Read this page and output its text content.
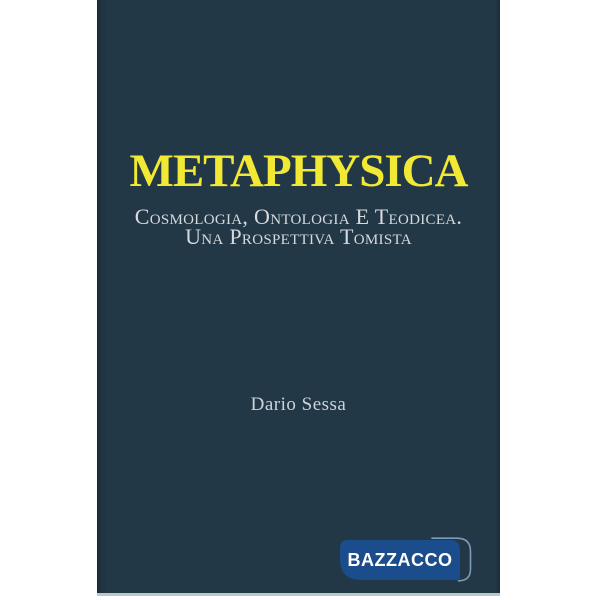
METAPHYSICA
Cosmologia, Ontologia E Teodicea.
Una Prospettiva Tomista
Dario Sessa
BAZZACCO
